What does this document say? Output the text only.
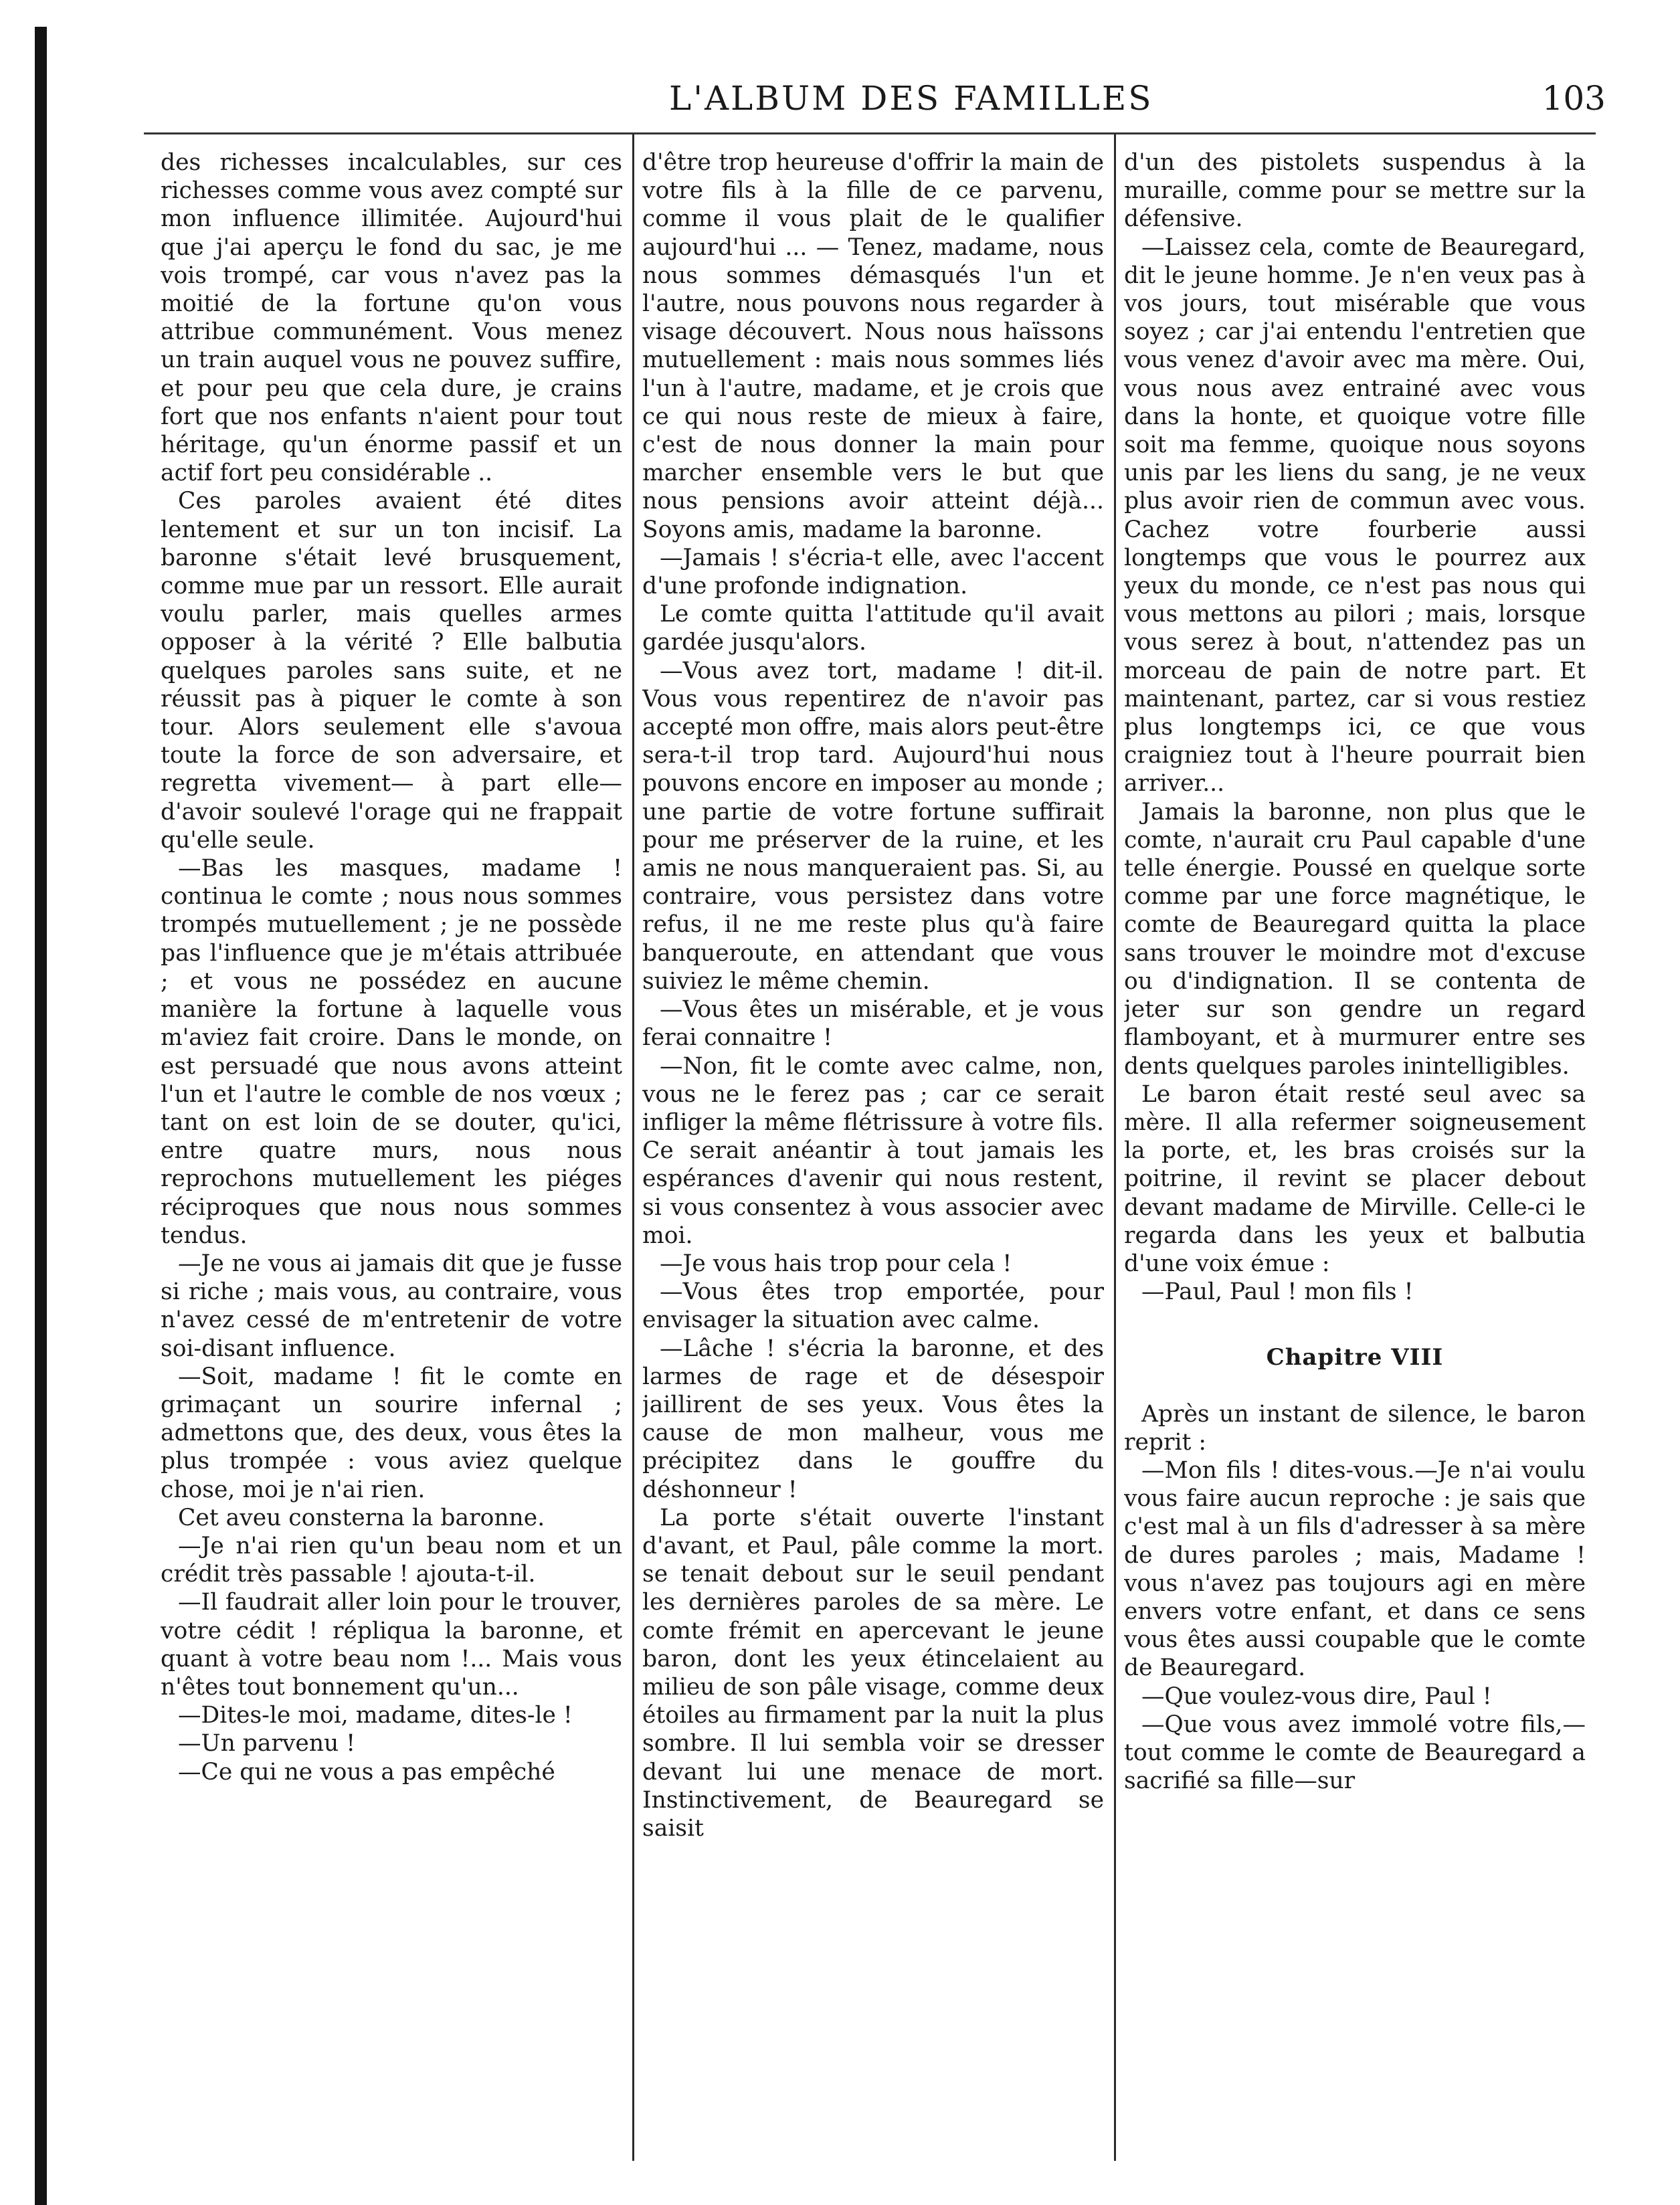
L'ALBUM DES FAMILLES	103

des richesses incalculables, sur ces richesses comme vous avez compté sur mon influence illimitée. Aujourd'hui que j'ai aperçu le fond du sac, je me vois trompé, car vous n'avez pas la moitié de la fortune qu'on vous attribue communément. Vous menez un train auquel vous ne pouvez suffire, et pour peu que cela dure, je crains fort que nos enfants n'aient pour tout héritage, qu'un énorme passif et un actif fort peu considérable ..

Ces paroles avaient été dites lentement et sur un ton incisif. La baronne s'était levé brusquement, comme mue par un ressort. Elle aurait voulu parler, mais quelles armes opposer à la vérité ? Elle balbutia quelques paroles sans suite, et ne réussit pas à piquer le comte à son tour. Alors seulement elle s'avoua toute la force de son adversaire, et regretta vivement— à part elle—d'avoir soulevé l'orage qui ne frappait qu'elle seule.

—Bas les masques, madame ! continua le comte ; nous nous sommes trompés mutuellement ; je ne possède pas l'influence que je m'étais attribuée ; et vous ne possédez en aucune manière la fortune à laquelle vous m'aviez fait croire. Dans le monde, on est persuadé que nous avons atteint l'un et l'autre le comble de nos vœux ; tant on est loin de se douter, qu'ici, entre quatre murs, nous nous reprochons mutuellement les piéges réciproques que nous nous sommes tendus.

—Je ne vous ai jamais dit que je fusse si riche ; mais vous, au contraire, vous n'avez cessé de m'entretenir de votre soi-disant influence.

—Soit, madame ! fit le comte en grimaçant un sourire infernal ; admettons que, des deux, vous êtes la plus trompée : vous aviez quelque chose, moi je n'ai rien.

Cet aveu consterna la baronne.

—Je n'ai rien qu'un beau nom et un crédit très passable ! ajouta-t-il.

—Il faudrait aller loin pour le trouver, votre cédit ! répliqua la baronne, et quant à votre beau nom !... Mais vous n'êtes tout bonnement qu'un...

—Dites-le moi, madame, dites-le !

—Un parvenu !

—Ce qui ne vous a pas empêché

d'être trop heureuse d'offrir la main de votre fils à la fille de ce parvenu, comme il vous plait de le qualifier aujourd'hui ... — Tenez, madame, nous nous sommes démasqués l'un et l'autre, nous pouvons nous regarder à visage découvert. Nous nous haïssons mutuellement : mais nous sommes liés l'un à l'autre, madame, et je crois que ce qui nous reste de mieux à faire, c'est de nous donner la main pour marcher ensemble vers le but que nous pensions avoir atteint déjà... Soyons amis, madame la baronne.

—Jamais ! s'écria-t elle, avec l'accent d'une profonde indignation.

Le comte quitta l'attitude qu'il avait gardée jusqu'alors.

—Vous avez tort, madame ! dit-il. Vous vous repentirez de n'avoir pas accepté mon offre, mais alors peut-être sera-t-il trop tard. Aujourd'hui nous pouvons encore en imposer au monde ; une partie de votre fortune suffirait pour me préserver de la ruine, et les amis ne nous manqueraient pas. Si, au contraire, vous persistez dans votre refus, il ne me reste plus qu'à faire banqueroute, en attendant que vous suiviez le même chemin.

—Vous êtes un misérable, et je vous ferai connaitre !

—Non, fit le comte avec calme, non, vous ne le ferez pas ; car ce serait infliger la même flétrissure à votre fils. Ce serait anéantir à tout jamais les espérances d'avenir qui nous restent, si vous consentez à vous associer avec moi.

—Je vous hais trop pour cela !

—Vous êtes trop emportée, pour envisager la situation avec calme.

—Lâche ! s'écria la baronne, et des larmes de rage et de désespoir jaillirent de ses yeux. Vous êtes la cause de mon malheur, vous me précipitez dans le gouffre du déshonneur !

La porte s'était ouverte l'instant d'avant, et Paul, pâle comme la mort. se tenait debout sur le seuil pendant les dernières paroles de sa mère. Le comte frémit en apercevant le jeune baron, dont les yeux étincelaient au milieu de son pâle visage, comme deux étoiles au firmament par la nuit la plus sombre. Il lui sembla voir se dresser devant lui une menace de mort. Instinctivement, de Beauregard se saisit

d'un des pistolets suspendus à la muraille, comme pour se mettre sur la défensive.

—Laissez cela, comte de Beauregard, dit le jeune homme. Je n'en veux pas à vos jours, tout misérable que vous soyez ; car j'ai entendu l'entretien que vous venez d'avoir avec ma mère. Oui, vous nous avez entrainé avec vous dans la honte, et quoique votre fille soit ma femme, quoique nous soyons unis par les liens du sang, je ne veux plus avoir rien de commun avec vous. Cachez votre fourberie aussi longtemps que vous le pourrez aux yeux du monde, ce n'est pas nous qui vous mettons au pilori ; mais, lorsque vous serez à bout, n'attendez pas un morceau de pain de notre part. Et maintenant, partez, car si vous restiez plus longtemps ici, ce que vous craigniez tout à l'heure pourrait bien arriver...

Jamais la baronne, non plus que le comte, n'aurait cru Paul capable d'une telle énergie. Poussé en quelque sorte comme par une force magnétique, le comte de Beauregard quitta la place sans trouver le moindre mot d'excuse ou d'indignation. Il se contenta de jeter sur son gendre un regard flamboyant, et à murmurer entre ses dents quelques paroles inintelligibles.

Le baron était resté seul avec sa mère. Il alla refermer soigneusement la porte, et, les bras croisés sur la poitrine, il revint se placer debout devant madame de Mirville. Celle-ci le regarda dans les yeux et balbutia d'une voix émue :

—Paul, Paul ! mon fils !

Chapitre VIII

Après un instant de silence, le baron reprit :

—Mon fils ! dites-vous.—Je n'ai voulu vous faire aucun reproche : je sais que c'est mal à un fils d'adresser à sa mère de dures paroles ; mais, Madame ! vous n'avez pas toujours agi en mère envers votre enfant, et dans ce sens vous êtes aussi coupable que le comte de Beauregard.

—Que voulez-vous dire, Paul !

—Que vous avez immolé votre fils,—tout comme le comte de Beauregard a sacrifié sa fille—sur
